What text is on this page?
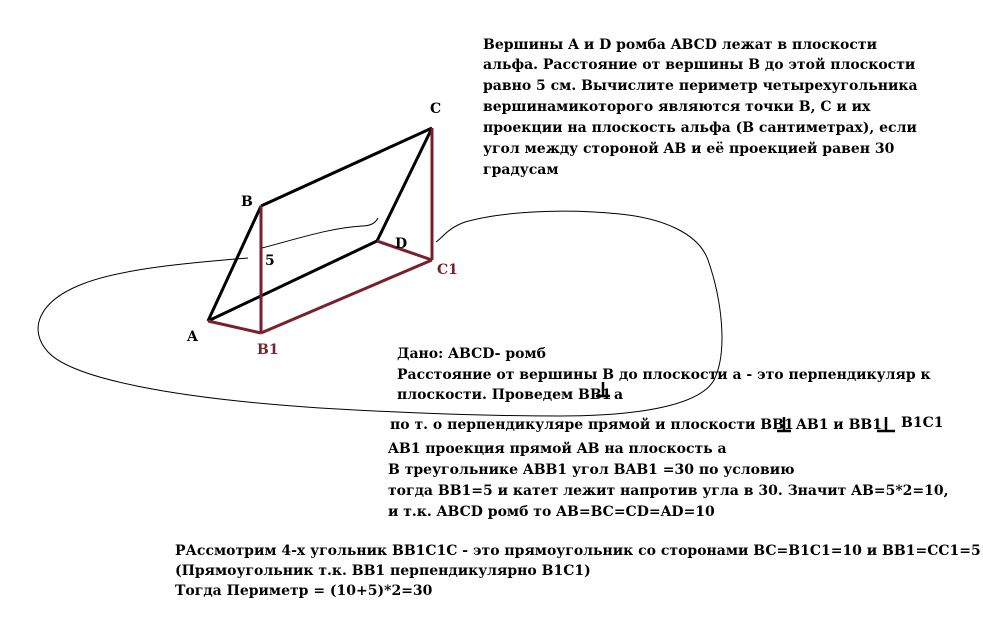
A
B
C
D
B1
C1
5

Вершины A и D ромба ABCD лежат в плоскости

альфа. Расстояние от вершины B до этой плоскости

равно 5 см. Вычислите периметр четырехугольника

вершинамикоторого являются точки B, C и их

проекции на плоскость альфа (В сантиметрах), если

угол между стороной AB и её проекцией равен 30

градусам

Дано: ABCD- ромб

Расстояние от вершины B до плоскости a - это перпендикуляр к

плоскости. Проведем BB1 a

по т. о перпендикуляре прямой и плоскости BB1 AB1 и BB1 B1C1

AB1 проекция прямой AB на плоскость a

В треугольнике ABB1 угол BAB1 =30 по условию

тогда BB1=5 и катет лежит напротив угла в 30. Значит AB=5*2=10,

и т.к. ABCD ромб то AB=BC=CD=AD=10

РАссмотрим 4-х угольник BB1C1C - это прямоугольник со сторонами BC=B1C1=10 и BB1=CC1=5

(Прямоугольник т.к. BB1 перпендикулярно B1C1)

Тогда Периметр = (10+5)*2=30
